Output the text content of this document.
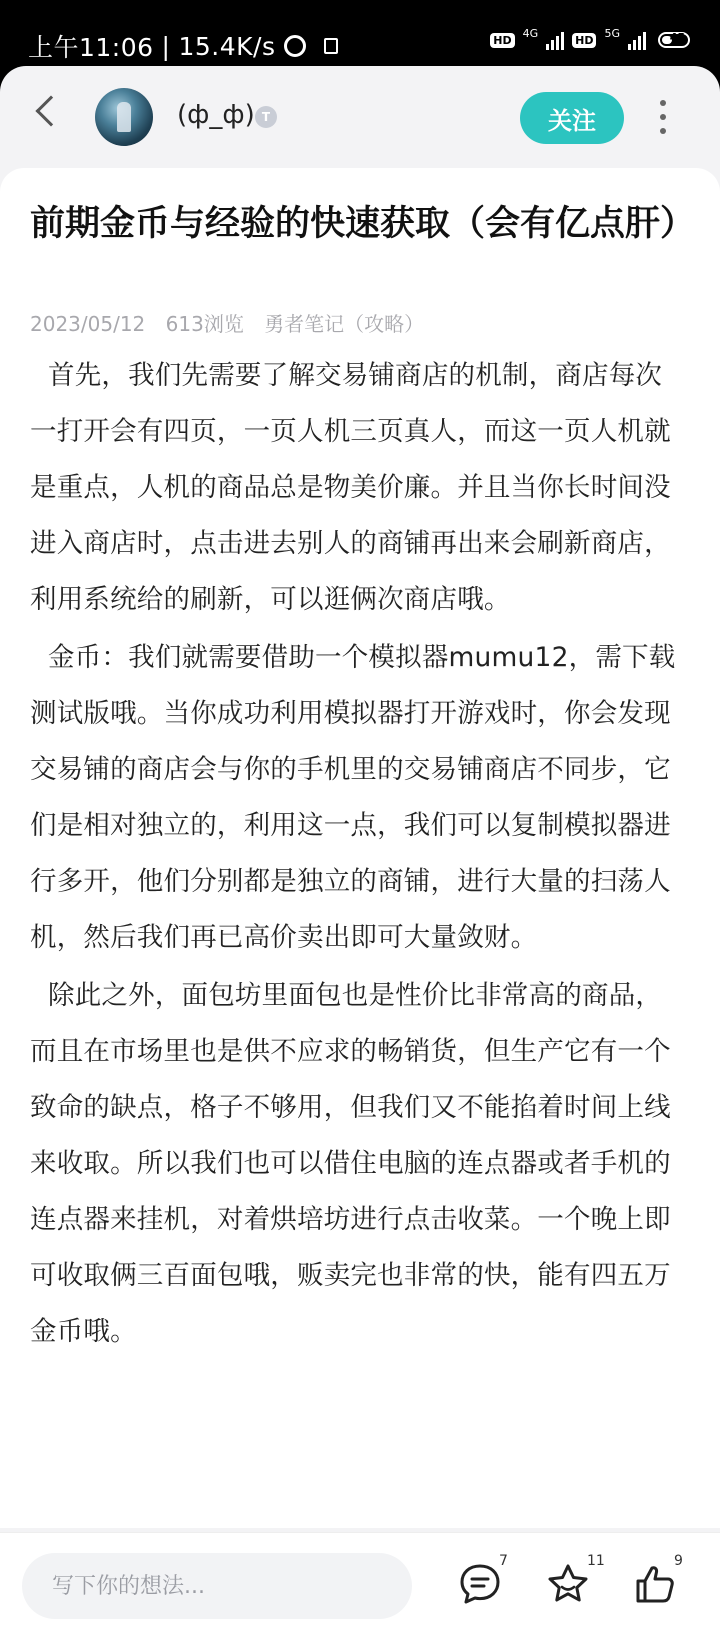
上午11:06 | 15.4K/s	HD
4G
HD
5G	45
(ф_ф) T	关注
前期金币与经验的快速获取（会有亿点肝）
2023/05/12 613浏览 勇者笔记（攻略）

首先，我们先需要了解交易铺商店的机制，商店每次一打开会有四页，一页人机三页真人，而这一页人机就是重点，人机的商品总是物美价廉。并且当你长时间没进入商店时，点击进去别人的商铺再出来会刷新商店，利用系统给的刷新，可以逛俩次商店哦。

金币：我们就需要借助一个模拟器mumu12，需下载测试版哦。当你成功利用模拟器打开游戏时，你会发现交易铺的商店会与你的手机里的交易铺商店不同步，它们是相对独立的，利用这一点，我们可以复制模拟器进行多开，他们分别都是独立的商铺，进行大量的扫荡人机，然后我们再已高价卖出即可大量敛财。

除此之外，面包坊里面包也是性价比非常高的商品，而且在市场里也是供不应求的畅销货，但生产它有一个致命的缺点，格子不够用，但我们又不能掐着时间上线来收取。所以我们也可以借住电脑的连点器或者手机的连点器来挂机，对着烘培坊进行点击收菜。一个晚上即可收取俩三百面包哦，贩卖完也非常的快，能有四五万金币哦。

写下你的想法...
7	11	9
